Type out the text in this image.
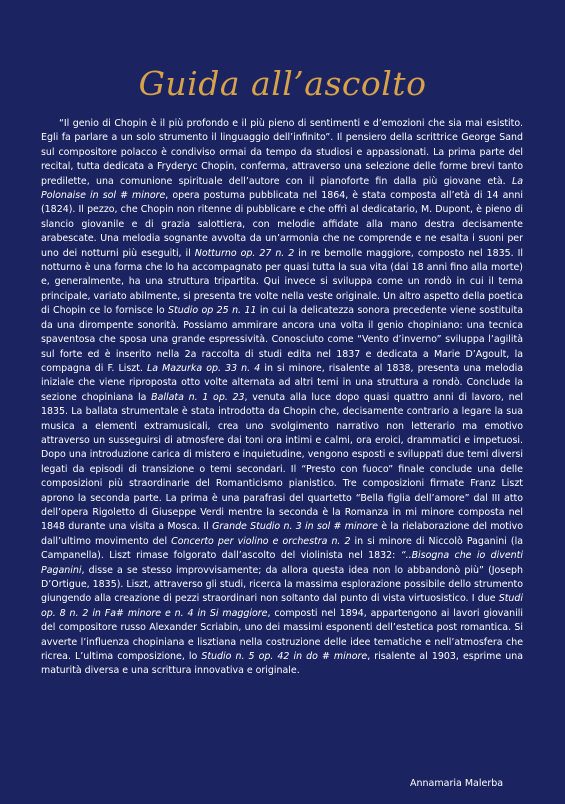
Guida all’ascolto
“Il genio di Chopin è il più profondo e il più pieno di sentimenti e d’emozioni che sia mai esistito. Egli fa parlare a un solo strumento il linguaggio dell’infinito”. Il pensiero della scrittrice George Sand sul compositore polacco è condiviso ormai da tempo da studiosi e appassionati. La prima parte del recital, tutta dedicata a Fryderyc Chopin, conferma, attraverso una selezione delle forme brevi tanto predilette, una comunione spirituale dell’autore con il pianoforte fin dalla più giovane età. La Polonaise in sol # minore, opera postuma pubblicata nel 1864, è stata composta all’età di 14 anni (1824). Il pezzo, che Chopin non ritenne di pubblicare e che offrì al dedicatario, M. Dupont, è pieno di slancio giovanile e di grazia salottiera, con melodie affidate alla mano destra decisamente arabescate. Una melodia sognante avvolta da un’armonia che ne comprende e ne esalta i suoni per uno dei notturni più eseguiti, il Notturno op. 27 n. 2 in re bemolle maggiore, composto nel 1835. Il notturno è una forma che lo ha accompagnato per quasi tutta la sua vita (dai 18 anni fino alla morte) e, generalmente, ha una struttura tripartita. Qui invece si sviluppa come un rondò in cui il tema principale, variato abilmente, si presenta tre volte nella veste originale. Un altro aspetto della poetica di Chopin ce lo fornisce lo Studio op 25 n. 11 in cui la delicatezza sonora precedente viene sostituita da una dirompente sonorità. Possiamo ammirare ancora una volta il genio chopiniano: una tecnica spaventosa che sposa una grande espressività. Conosciuto come “Vento d’inverno” sviluppa l’agilità sul forte ed è inserito nella 2a raccolta di studi edita nel 1837 e dedicata a Marie D’Agoult, la compagna di F. Liszt. La Mazurka op. 33 n. 4 in si minore, risalente al 1838, presenta una melodia iniziale che viene riproposta otto volte alternata ad altri temi in una struttura a rondò. Conclude la sezione chopiniana la Ballata n. 1 op. 23, venuta alla luce dopo quasi quattro anni di lavoro, nel 1835. La ballata strumentale è stata introdotta da Chopin che, decisamente contrario a legare la sua musica a elementi extramusicali, crea uno svolgimento narrativo non letterario ma emotivo attraverso un susseguirsi di atmosfere dai toni ora intimi e calmi, ora eroici, drammatici e impetuosi. Dopo una introduzione carica di mistero e inquietudine, vengono esposti e sviluppati due temi diversi legati da episodi di transizione o temi secondari. Il “Presto con fuoco” finale conclude una delle composizioni più straordinarie del Romanticismo pianistico. Tre composizioni firmate Franz Liszt aprono la seconda parte. La prima è una parafrasi del quartetto “Bella figlia dell’amore” dal III atto dell’opera Rigoletto di Giuseppe Verdi mentre la seconda è la Romanza in mi minore composta nel 1848 durante una visita a Mosca. Il Grande Studio n. 3 in sol # minore è la rielaborazione del motivo dall’ultimo movimento del Concerto per violino e orchestra n. 2 in si minore di Niccolò Paganini (la Campanella). Liszt rimase folgorato dall’ascolto del violinista nel 1832: “..Bisogna che io diventi Paganini, disse a se stesso improvvisamente; da allora questa idea non lo abbandonò più” (Joseph D’Ortigue, 1835). Liszt, attraverso gli studi, ricerca la massima esplorazione possibile dello strumento giungendo alla creazione di pezzi straordinari non soltanto dal punto di vista virtuosistico. I due Studi op. 8 n. 2 in Fa# minore e n. 4 in Si maggiore, composti nel 1894, appartengono ai lavori giovanili del compositore russo Alexander Scriabin, uno dei massimi esponenti dell’estetica post romantica. Si avverte l’influenza chopiniana e lisztiana nella costruzione delle idee tematiche e nell’atmosfera che ricrea. L’ultima composizione, lo Studio n. 5 op. 42 in do # minore, risalente al 1903, esprime una maturità diversa e una scrittura innovativa e originale.
Annamaria Malerba
